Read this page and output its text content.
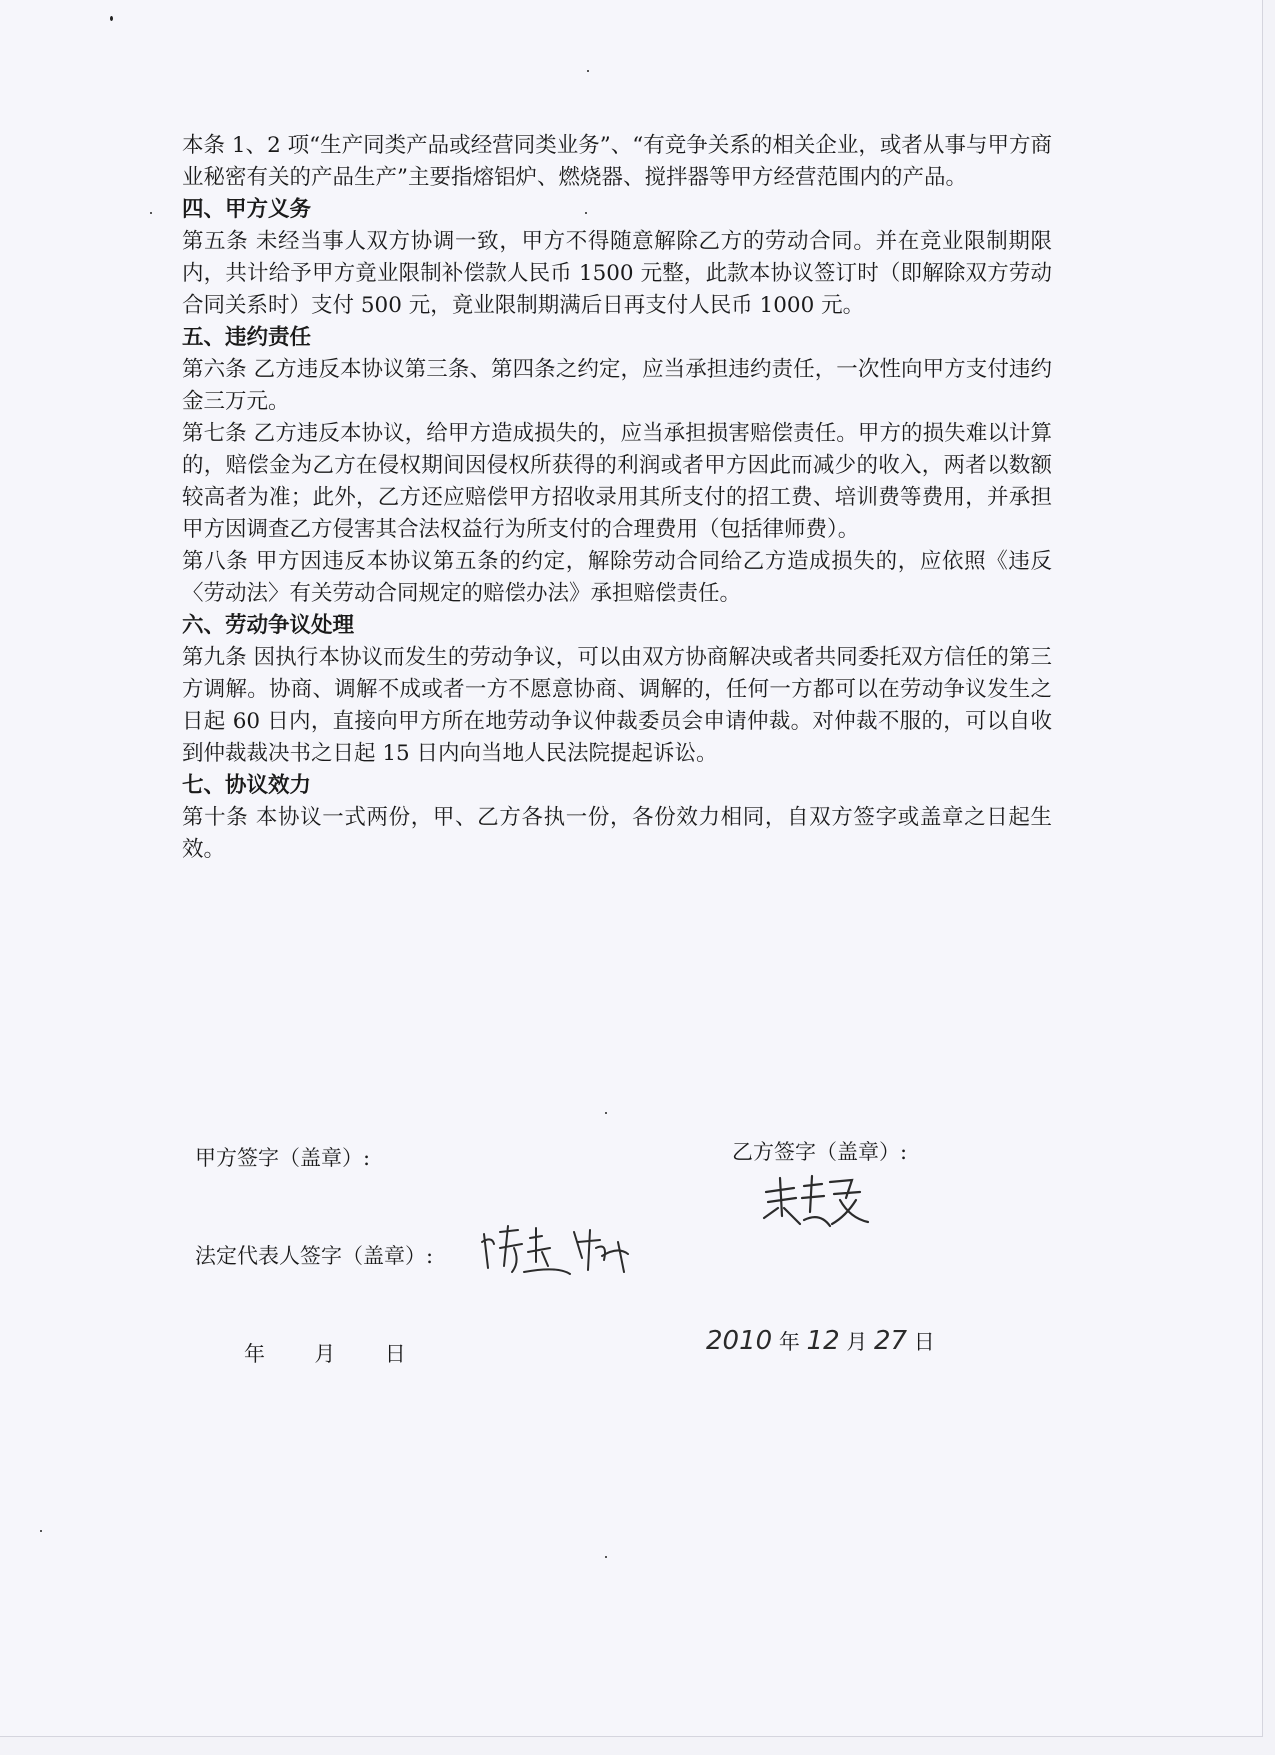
本条 1、2 项“生产同类产品或经营同类业务”、“有竞争关系的相关企业，或者从事与甲方商业秘密有关的产品生产”主要指熔铝炉、燃烧器、搅拌器等甲方经营范围内的产品。

四、甲方义务

第五条 未经当事人双方协调一致，甲方不得随意解除乙方的劳动合同。并在竞业限制期限内，共计给予甲方竟业限制补偿款人民币 1500 元整，此款本协议签订时（即解除双方劳动合同关系时）支付 500 元，竟业限制期满后日再支付人民币 1000 元。

五、违约责任

第六条 乙方违反本协议第三条、第四条之约定，应当承担违约责任，一次性向甲方支付违约金三万元。

第七条 乙方违反本协议，给甲方造成损失的，应当承担损害赔偿责任。甲方的损失难以计算的，赔偿金为乙方在侵权期间因侵权所获得的利润或者甲方因此而减少的收入，两者以数额较高者为准；此外，乙方还应赔偿甲方招收录用其所支付的招工费、培训费等费用，并承担甲方因调查乙方侵害其合法权益行为所支付的合理费用（包括律师费）。

第八条 甲方因违反本协议第五条的约定，解除劳动合同给乙方造成损失的，应依照《违反〈劳动法〉有关劳动合同规定的赔偿办法》承担赔偿责任。

六、劳动争议处理

第九条 因执行本协议而发生的劳动争议，可以由双方协商解决或者共同委托双方信任的第三方调解。协商、调解不成或者一方不愿意协商、调解的，任何一方都可以在劳动争议发生之日起 60 日内，直接向甲方所在地劳动争议仲裁委员会申请仲裁。对仲裁不服的，可以自收到仲裁裁决书之日起 15 日内向当地人民法院提起诉讼。

七、协议效力

第十条 本协议一式两份，甲、乙方各执一份，各份效力相同，自双方签字或盖章之日起生效。

甲方签字（盖章）:	乙方签字（盖章）:
法定代表人签字（盖章）:
年 月 日	2010 年 12 月 27 日
